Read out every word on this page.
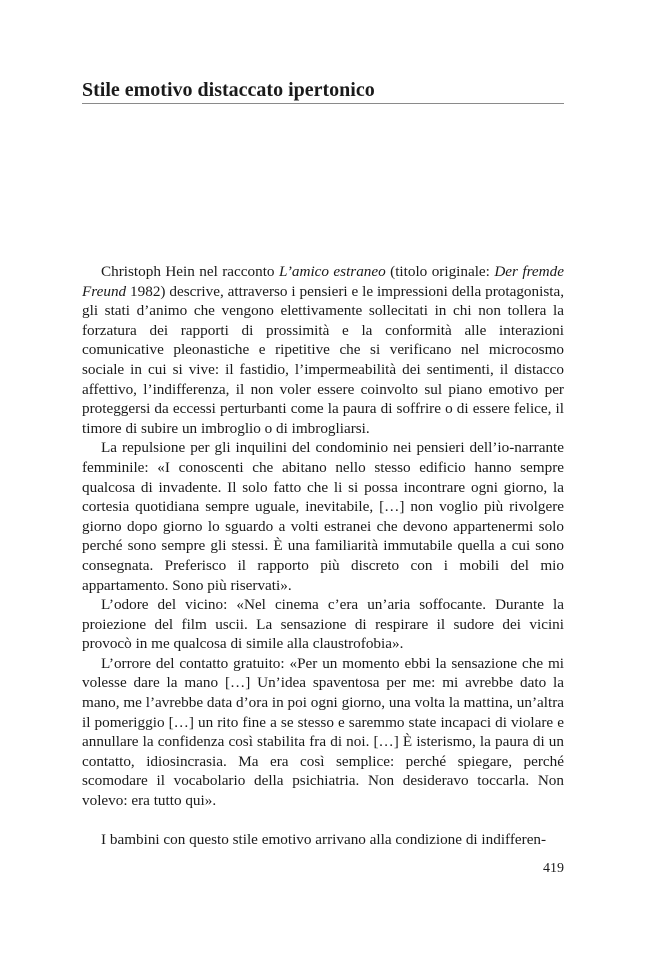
Stile emotivo distaccato ipertonico

Christoph Hein nel racconto L’amico estraneo (titolo originale: Der fremde Freund 1982) descrive, attraverso i pensieri e le impressioni della protagonista, gli stati d’animo che vengono elettivamente sollecitati in chi non tollera la forzatura dei rapporti di prossimità e la conformità alle interazioni comunicative pleonastiche e ripetitive che si verificano nel microcosmo sociale in cui si vive: il fastidio, l’impermeabilità dei sentimenti, il distacco affettivo, l’indifferenza, il non voler essere coinvolto sul piano emotivo per proteggersi da eccessi perturbanti come la paura di soffrire o di essere felice, il timore di subire un imbroglio o di imbrogliarsi.

La repulsione per gli inquilini del condominio nei pensieri dell’io-narrante femminile: «I conoscenti che abitano nello stesso edificio hanno sempre qualcosa di invadente. Il solo fatto che li si possa incontrare ogni giorno, la cortesia quotidiana sempre uguale, inevitabile, […] non voglio più rivolgere giorno dopo giorno lo sguardo a volti estranei che devono appartenermi solo perché sono sempre gli stessi. È una familiarità immutabile quella a cui sono consegnata. Preferisco il rapporto più discreto con i mobili del mio appartamento. Sono più riservati».

L’odore del vicino: «Nel cinema c’era un’aria soffocante. Durante la proiezione del film uscii. La sensazione di respirare il sudore dei vicini provocò in me qualcosa di simile alla claustrofobia».

L’orrore del contatto gratuito: «Per un momento ebbi la sensazione che mi volesse dare la mano […] Un’idea spaventosa per me: mi avrebbe dato la mano, me l’avrebbe data d’ora in poi ogni giorno, una volta la mattina, un’altra il pomeriggio […] un rito fine a se stesso e saremmo state incapaci di violare e annullare la confidenza così stabilita fra di noi. […] È isterismo, la paura di un contatto, idiosincrasia. Ma era così semplice: perché spiegare, perché scomodare il vocabolario della psichiatria. Non desideravo toccarla. Non volevo: era tutto qui».

I bambini con questo stile emotivo arrivano alla condizione di indifferen-

419
